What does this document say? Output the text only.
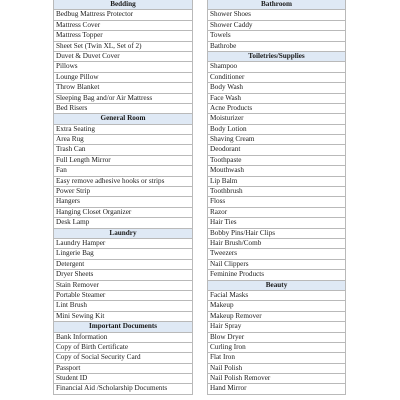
Bedding
Bedbug Mattress Protector
Mattress Cover
Mattress Topper
Sheet Set (Twin XL, Set of 2)
Duvet & Duvet Cover
Pillows
Lounge Pillow
Throw Blanket
Sleeping Bag and/or Air Mattress
Bed Risers
General Room
Extra Seating
Area Rug
Trash Can
Full Length Mirror
Fan
Easy remove adhesive hooks or strips
Power Strip
Hangers
Hanging Closet Organizer
Desk Lamp
Laundry
Laundry Hamper
Lingerie Bag
Detergent
Dryer Sheets
Stain Remover
Portable Steamer
Lint Brush
Mini Sewing Kit
Important Documents
Bank Information
Copy of Birth Certificate
Copy of Social Security Card
Passport
Student ID
Financial Aid /Scholarship Documents
Bathroom
Shower Shoes
Shower Caddy
Towels
Bathrobe
Toiletries/Supplies
Shampoo
Conditioner
Body Wash
Face Wash
Acne Products
Moisturizer
Body Lotion
Shaving Cream
Deodorant
Toothpaste
Mouthwash
Lip Balm
Toothbrush
Floss
Razor
Hair Ties
Bobby Pins/Hair Clips
Hair Brush/Comb
Tweezers
Nail Clippers
Feminine Products
Beauty
Facial Masks
Makeup
Makeup Remover
Hair Spray
Blow Dryer
Curling Iron
Flat Iron
Nail Polish
Nail Polish Remover
Hand Mirror
